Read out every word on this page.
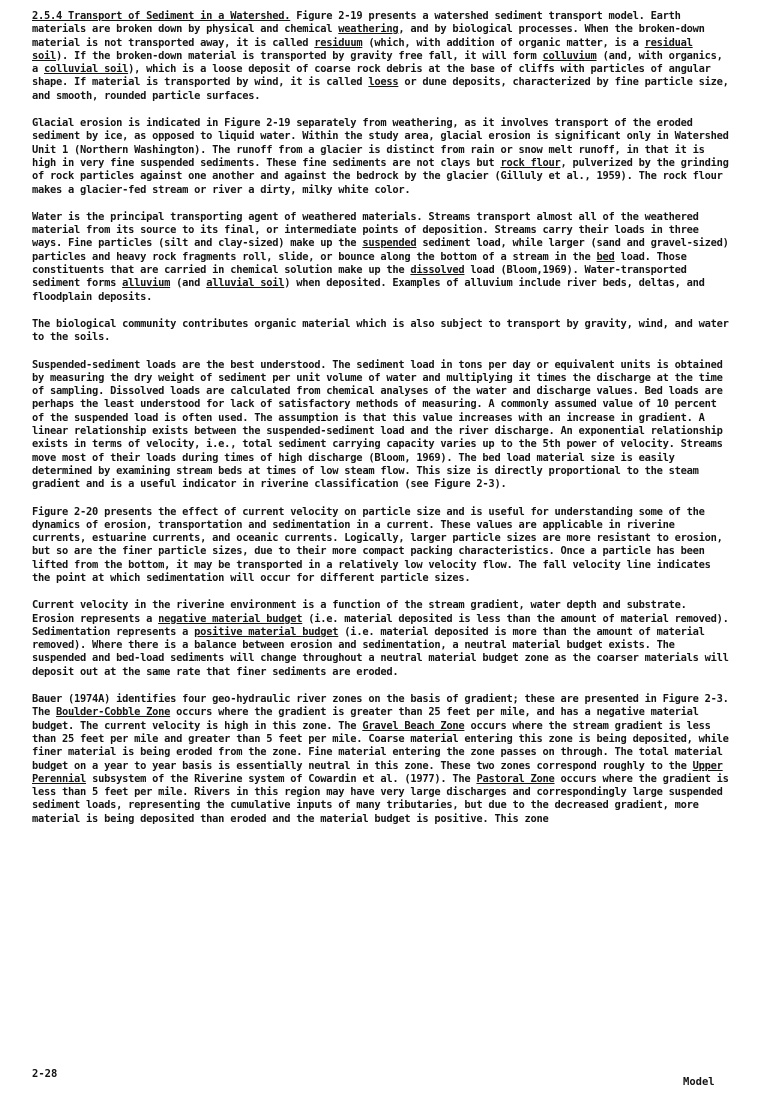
2.5.4 Transport of Sediment in a Watershed. Figure 2-19 presents a watershed sediment transport model. Earth materials are broken down by physical and chemical weathering, and by biological processes. When the broken-down material is not transported away, it is called residuum (which, with addition of organic matter, is a residual soil). If the broken-down material is transported by gravity free fall, it will form colluvium (and, with organics, a colluvial soil), which is a loose deposit of coarse rock debris at the base of cliffs with particles of angular shape. If material is transported by wind, it is called loess or dune deposits, characterized by fine particle size, and smooth, rounded particle surfaces.

Glacial erosion is indicated in Figure 2-19 separately from weathering, as it involves transport of the eroded sediment by ice, as opposed to liquid water. Within the study area, glacial erosion is significant only in Watershed Unit 1 (Northern Washington). The runoff from a glacier is distinct from rain or snow melt runoff, in that it is high in very fine suspended sediments. These fine sediments are not clays but rock flour, pulverized by the grinding of rock particles against one another and against the bedrock by the glacier (Gilluly et al., 1959). The rock flour makes a glacier-fed stream or river a dirty, milky white color.

Water is the principal transporting agent of weathered materials. Streams transport almost all of the weathered material from its source to its final, or intermediate points of deposition. Streams carry their loads in three ways. Fine particles (silt and clay-sized) make up the suspended sediment load, while larger (sand and gravel-sized) particles and heavy rock fragments roll, slide, or bounce along the bottom of a stream in the bed load. Those constituents that are carried in chemical solution make up the dissolved load (Bloom,1969). Water-transported sediment forms alluvium (and alluvial soil) when deposited. Examples of alluvium include river beds, deltas, and floodplain deposits.

The biological community contributes organic material which is also subject to transport by gravity, wind, and water to the soils.

Suspended-sediment loads are the best understood. The sediment load in tons per day or equivalent units is obtained by measuring the dry weight of sediment per unit volume of water and multiplying it times the discharge at the time of sampling. Dissolved loads are calculated from chemical analyses of the water and discharge values. Bed loads are perhaps the least understood for lack of satisfactory methods of measuring. A commonly assumed value of 10 percent of the suspended load is often used. The assumption is that this value increases with an increase in gradient. A linear relationship exists between the suspended-sediment load and the river discharge. An exponential relationship exists in terms of velocity, i.e., total sediment carrying capacity varies up to the 5th power of velocity. Streams move most of their loads during times of high discharge (Bloom, 1969). The bed load material size is easily determined by examining stream beds at times of low steam flow. This size is directly proportional to the steam gradient and is a useful indicator in riverine classification (see Figure 2-3).

Figure 2-20 presents the effect of current velocity on particle size and is useful for understanding some of the dynamics of erosion, transportation and sedimentation in a current. These values are applicable in riverine currents, estuarine currents, and oceanic currents. Logically, larger particle sizes are more resistant to erosion, but so are the finer particle sizes, due to their more compact packing characteristics. Once a particle has been lifted from the bottom, it may be transported in a relatively low velocity flow. The fall velocity line indicates the point at which sedimentation will occur for different particle sizes.

Current velocity in the riverine environment is a function of the stream gradient, water depth and substrate. Erosion represents a negative material budget (i.e. material deposited is less than the amount of material removed). Sedimentation represents a positive material budget (i.e. material deposited is more than the amount of material removed). Where there is a balance between erosion and sedimentation, a neutral material budget exists. The suspended and bed-load sediments will change throughout a neutral material budget zone as the coarser materials will deposit out at the same rate that finer sediments are eroded.

Bauer (1974A) identifies four geo-hydraulic river zones on the basis of gradient; these are presented in Figure 2-3. The Boulder-Cobble Zone occurs where the gradient is greater than 25 feet per mile, and has a negative material budget. The current velocity is high in this zone. The Gravel Beach Zone occurs where the stream gradient is less than 25 feet per mile and greater than 5 feet per mile. Coarse material entering this zone is being deposited, while finer material is being eroded from the zone. Fine material entering the zone passes on through. The total material budget on a year to year basis is essentially neutral in this zone. These two zones correspond roughly to the Upper Perennial subsystem of the Riverine system of Cowardin et al. (1977). The Pastoral Zone occurs where the gradient is less than 5 feet per mile. Rivers in this region may have very large discharges and correspondingly large suspended sediment loads, representing the cumulative inputs of many tributaries, but due to the decreased gradient, more material is being deposited than eroded and the material budget is positive. This zone

2-28
Model
